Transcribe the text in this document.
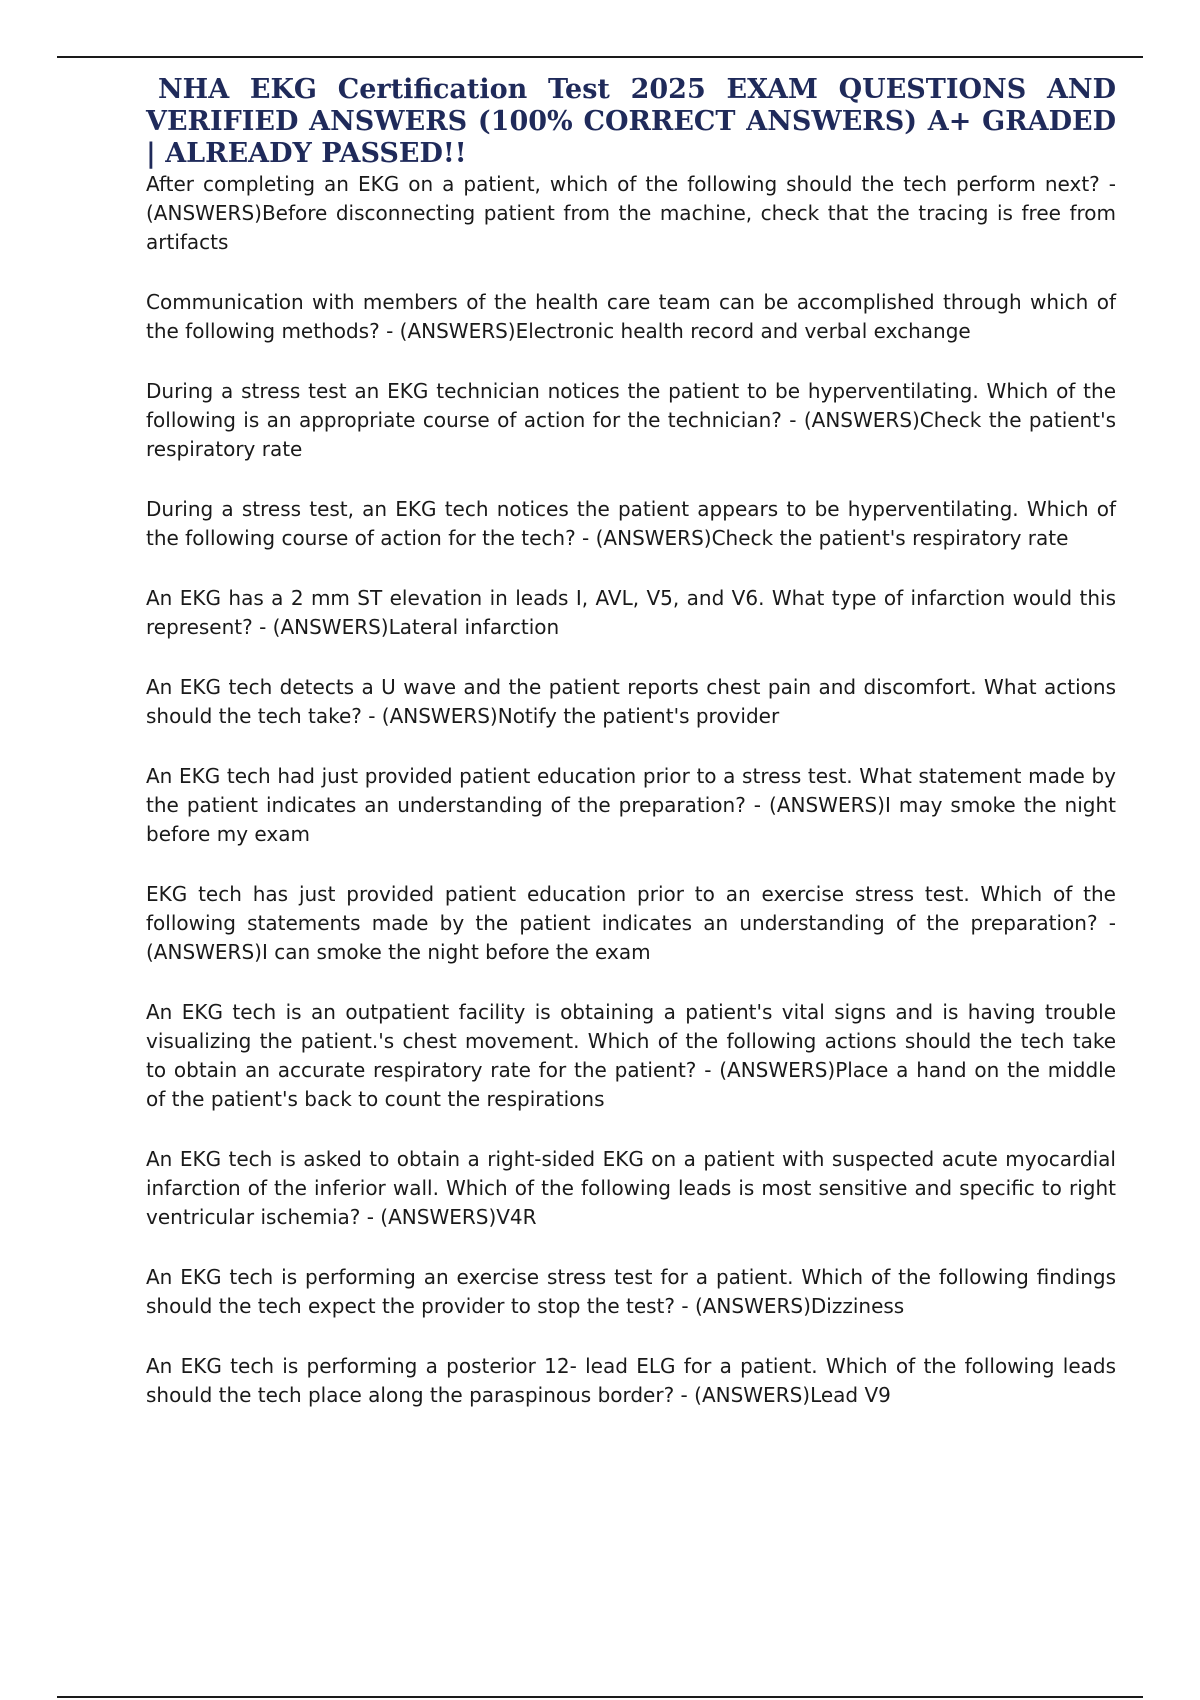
NHA EKG Certification Test 2025 EXAM QUESTIONS AND VERIFIED ANSWERS (100% CORRECT ANSWERS) A+ GRADED | ALREADY PASSED!!

After completing an EKG on a patient, which of the following should the tech perform next? - (ANSWERS)Before disconnecting patient from the machine, check that the tracing is free from artifacts

Communication with members of the health care team can be accomplished through which of the following methods? - (ANSWERS)Electronic health record and verbal exchange

During a stress test an EKG technician notices the patient to be hyperventilating. Which of the following is an appropriate course of action for the technician? - (ANSWERS)Check the patient's respiratory rate

During a stress test, an EKG tech notices the patient appears to be hyperventilating. Which of the following course of action for the tech? - (ANSWERS)Check the patient's respiratory rate

An EKG has a 2 mm ST elevation in leads I, AVL, V5, and V6. What type of infarction would this represent? - (ANSWERS)Lateral infarction

An EKG tech detects a U wave and the patient reports chest pain and discomfort. What actions should the tech take? - (ANSWERS)Notify the patient's provider

An EKG tech had just provided patient education prior to a stress test. What statement made by the patient indicates an understanding of the preparation? - (ANSWERS)I may smoke the night before my exam

EKG tech has just provided patient education prior to an exercise stress test. Which of the following statements made by the patient indicates an understanding of the preparation? - (ANSWERS)I can smoke the night before the exam

An EKG tech is an outpatient facility is obtaining a patient's vital signs and is having trouble visualizing the patient.'s chest movement. Which of the following actions should the tech take to obtain an accurate respiratory rate for the patient? - (ANSWERS)Place a hand on the middle of the patient's back to count the respirations

An EKG tech is asked to obtain a right-sided EKG on a patient with suspected acute myocardial infarction of the inferior wall. Which of the following leads is most sensitive and specific to right ventricular ischemia? - (ANSWERS)V4R

An EKG tech is performing an exercise stress test for a patient. Which of the following findings should the tech expect the provider to stop the test? - (ANSWERS)Dizziness

An EKG tech is performing a posterior 12- lead ELG for a patient. Which of the following leads should the tech place along the paraspinous border? - (ANSWERS)Lead V9
